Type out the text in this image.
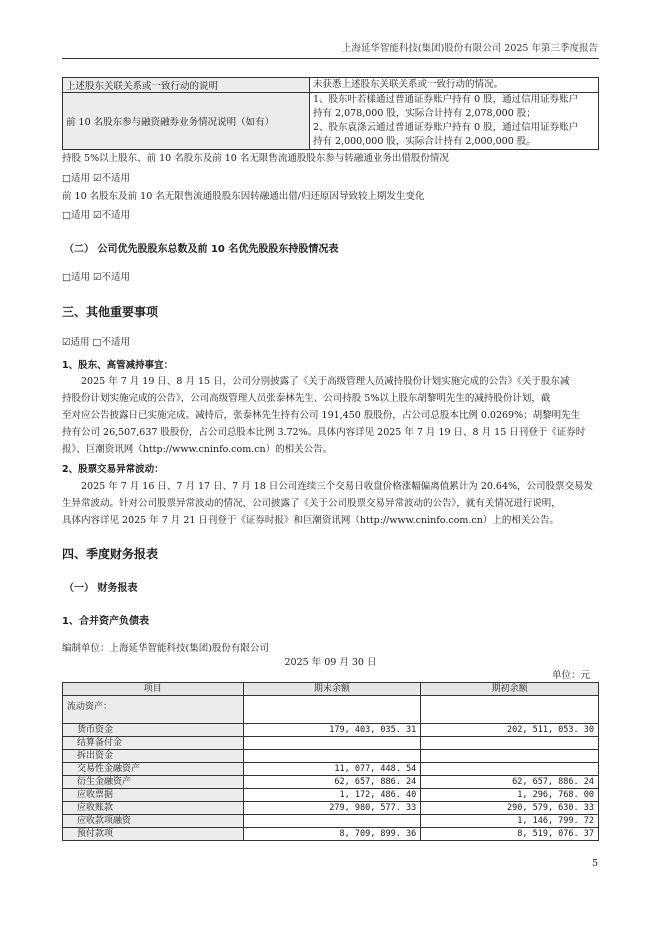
上海延华智能科技(集团)股份有限公司 2025 年第三季度报告
上述股东关联关系或一致行动的说明	未获悉上述股东关联关系或一致行动的情况。
前 10 名股东参与融资融券业务情况说明（如有）	1、股东叶若樣通过普通证券账户持有 0 股，通过信用证券账户
持有 2,078,000 股，实际合计持有 2,078,000 股；
2、股东袁涤云通过普通证券账户持有 0 股，通过信用证券账户
持有 2,000,000 股，实际合计持有 2,000,000 股。
持股 5%以上股东、前 10 名股东及前 10 名无限售流通股股东参与转融通业务出借股份情况
□适用 ☑不适用
前 10 名股东及前 10 名无限售流通股股东因转融通出借/归还原因导致较上期发生变化
□适用 ☑不适用
（二） 公司优先股股东总数及前 10 名优先股股东持股情况表
□适用 ☑不适用
三、其他重要事项
☑适用 □不适用
1、股东、高管减持事宜：
2025 年 7 月 19 日、8 月 15 日，公司分别披露了《关于高级管理人员减持股份计划实施完成的公告》《关于股东减
持股份计划实施完成的公告》，公司高级管理人员张泰林先生、公司持股 5%以上股东胡黎明先生的减持股份计划，截
至对应公告披露日已实施完成。减持后，张泰林先生持有公司 191,450 股股份，占公司总股本比例 0.0269%；胡黎明先生
持有公司 26,507,637 股股份，占公司总股本比例 3.72%。具体内容详见 2025 年 7 月 19 日、8 月 15 日刊登于《证券时
报》、巨潮资讯网（http://www.cninfo.com.cn）的相关公告。
2、股票交易异常波动：
2025 年 7 月 16 日、7 月 17 日、7 月 18 日公司连续三个交易日收盘价格涨幅偏离值累计为 20.64%，公司股票交易发
生异常波动。针对公司股票异常波动的情况，公司披露了《关于公司股票交易异常波动的公告》，就有关情况进行说明，
具体内容详见 2025 年 7 月 21 日刊登于《证券时报》和巨潮资讯网（http://www.cninfo.com.cn）上的相关公告。
四、季度财务报表
（一） 财务报表
1、合并资产负债表
编制单位：上海延华智能科技(集团)股份有限公司
2025 年 09 月 30 日
单位：元
项目	期末余额	期初余额
流动资产：		
货币资金	179, 403, 035. 31	202, 511, 053. 30
结算备付金		
拆出资金		
交易性金融资产	11, 077, 448. 54	
衍生金融资产	62, 657, 886. 24	62, 657, 886. 24
应收票据	1, 172, 486. 40	1, 296, 768. 00
应收账款	279, 980, 577. 33	290, 579, 630. 33
应收款项融资		1, 146, 799. 72
预付款项	8, 709, 899. 36	8, 519, 076. 37
5
